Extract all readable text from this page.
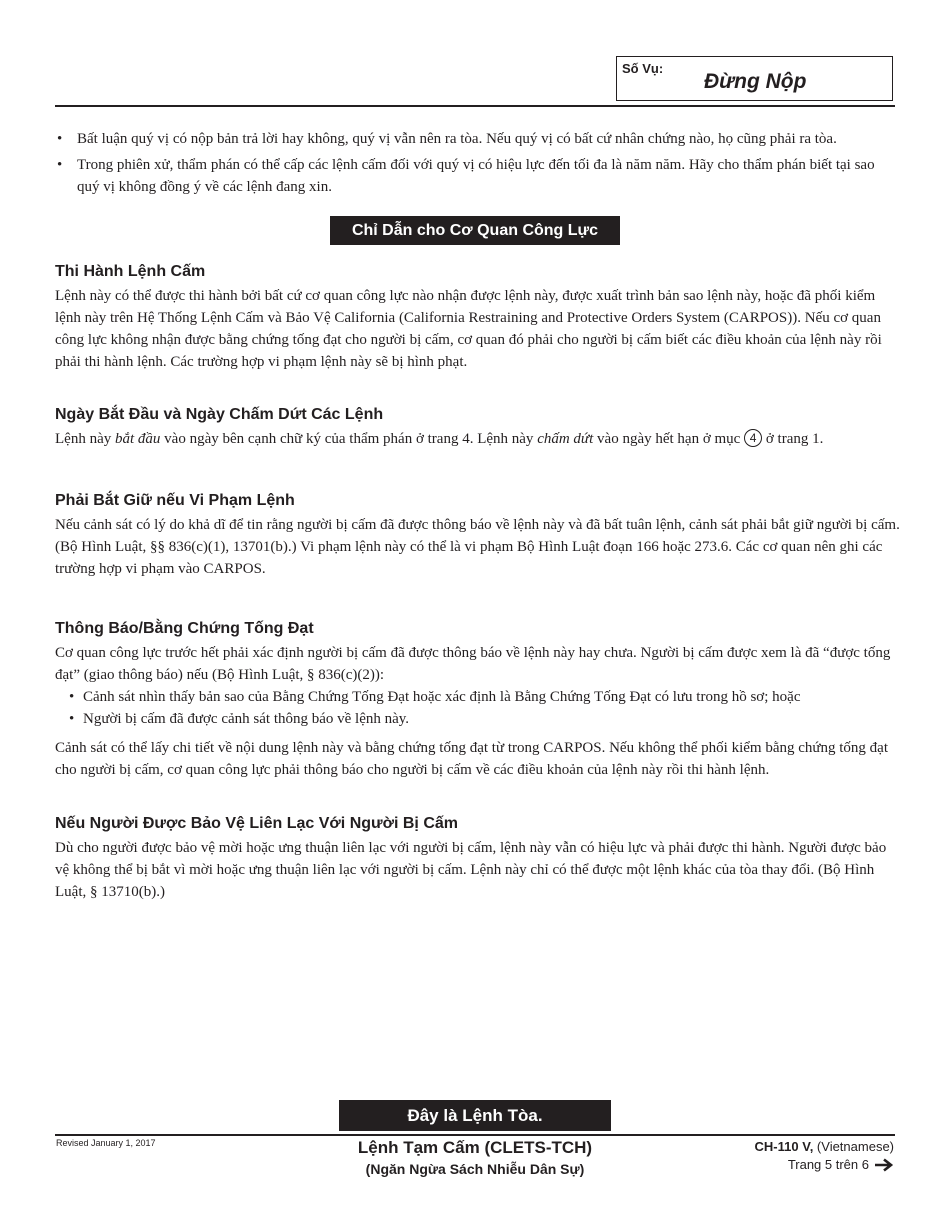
Số Vụ:
Đừng Nộp
• Bất luận quý vị có nộp bản trả lời hay không, quý vị vẫn nên ra tòa. Nếu quý vị có bất cứ nhân chứng nào, họ cũng phải ra tòa.
• Trong phiên xử, thẩm phán có thể cấp các lệnh cấm đối với quý vị có hiệu lực đến tối đa là năm năm. Hãy cho thẩm phán biết tại sao quý vị không đồng ý về các lệnh đang xin.
Chỉ Dẫn cho Cơ Quan Công Lực
Thi Hành Lệnh Cấm

Lệnh này có thể được thi hành bởi bất cứ cơ quan công lực nào nhận được lệnh này, được xuất trình bản sao lệnh này, hoặc đã phối kiểm lệnh này trên Hệ Thống Lệnh Cấm và Bảo Vệ California (California Restraining and Protective Orders System (CARPOS)). Nếu cơ quan công lực không nhận được bằng chứng tống đạt cho người bị cấm, cơ quan đó phải cho người bị cấm biết các điều khoản của lệnh này rồi phải thi hành lệnh. Các trường hợp vi phạm lệnh này sẽ bị hình phạt.

Ngày Bắt Đầu và Ngày Chấm Dứt Các Lệnh

Lệnh này bắt đầu vào ngày bên cạnh chữ ký của thẩm phán ở trang 4. Lệnh này chấm dứt vào ngày hết hạn ở mục 4 ở trang 1.

Phải Bắt Giữ nếu Vi Phạm Lệnh

Nếu cảnh sát có lý do khả dĩ để tin rằng người bị cấm đã được thông báo về lệnh này và đã bất tuân lệnh, cảnh sát phải bắt giữ người bị cấm. (Bộ Hình Luật, §§ 836(c)(1), 13701(b).) Vi phạm lệnh này có thể là vi phạm Bộ Hình Luật đoạn 166 hoặc 273.6. Các cơ quan nên ghi các trường hợp vi phạm vào CARPOS.

Thông Báo/Bằng Chứng Tống Đạt

Cơ quan công lực trước hết phải xác định người bị cấm đã được thông báo về lệnh này hay chưa. Người bị cấm được xem là đã “được tống đạt” (giao thông báo) nếu (Bộ Hình Luật, § 836(c)(2)):

• Cảnh sát nhìn thấy bản sao của Bằng Chứng Tống Đạt hoặc xác định là Bằng Chứng Tống Đạt có lưu trong hồ sơ; hoặc
• Người bị cấm đã được cảnh sát thông báo về lệnh này.

Cảnh sát có thể lấy chi tiết về nội dung lệnh này và bằng chứng tống đạt từ trong CARPOS. Nếu không thể phối kiểm bằng chứng tống đạt cho người bị cấm, cơ quan công lực phải thông báo cho người bị cấm về các điều khoản của lệnh này rồi thi hành lệnh.

Nếu Người Được Bảo Vệ Liên Lạc Với Người Bị Cấm

Dù cho người được bảo vệ mời hoặc ưng thuận liên lạc với người bị cấm, lệnh này vẫn có hiệu lực và phải được thi hành. Người được bảo vệ không thể bị bắt vì mời hoặc ưng thuận liên lạc với người bị cấm. Lệnh này chỉ có thể được một lệnh khác của tòa thay đổi. (Bộ Hình Luật, § 13710(b).)

Đây là Lệnh Tòa.
Revised January 1, 2017	Lệnh Tạm Cấm (CLETS-TCH)
(Ngăn Ngừa Sách Nhiễu Dân Sự)
CH-110 V, (Vietnamese)
Trang 5 trên 6
